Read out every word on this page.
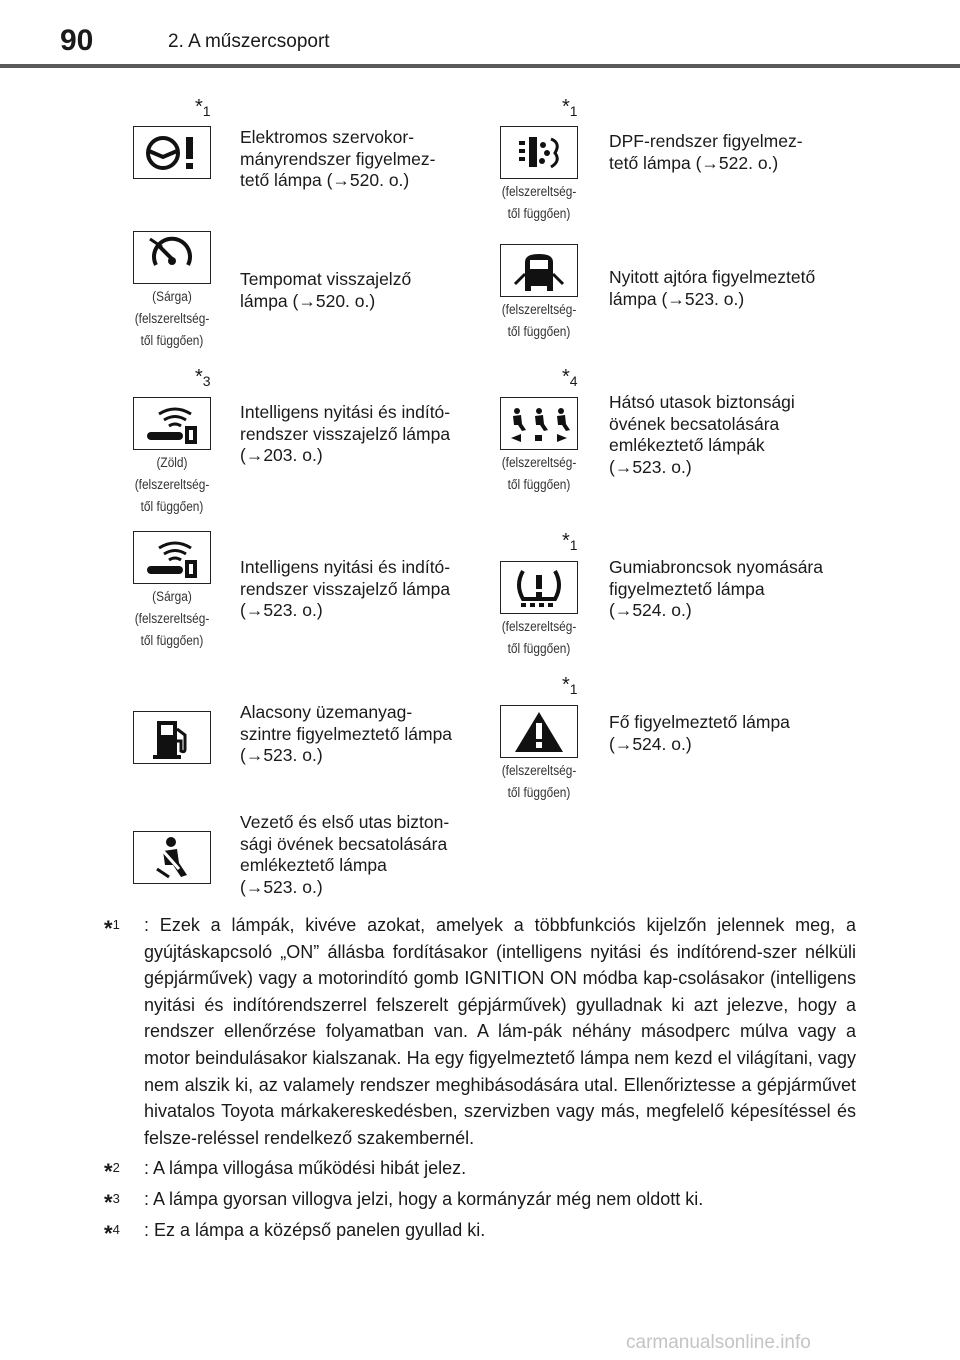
90	2. A műszercsoport
$*_1$
Elektromos szervokor-
mányrendszer figyelmez-
tető lámpa (→520. o.)
(Sárga)
(felszereltség-
től függően)
Tempomat visszajelző
lámpa (→520. o.)
$*_3$
(Zöld)
(felszereltség-
től függően)
Intelligens nyitási és indító-
rendszer visszajelző lámpa
(→203. o.)
(Sárga)
(felszereltség-
től függően)
Intelligens nyitási és indító-
rendszer visszajelző lámpa
(→523. o.)
Alacsony üzemanyag-
szintre figyelmeztető lámpa
(→523. o.)
Vezető és első utas bizton-
sági övének becsatolására
emlékeztető lámpa
(→523. o.)
$*_1$
(felszereltség-
től függően)
DPF-rendszer figyelmez-
tető lámpa (→522. o.)
(felszereltség-
től függően)
Nyitott ajtóra figyelmeztető
lámpa (→523. o.)
$*_4$
(felszereltség-
től függően)
Hátsó utasok biztonsági
övének becsatolására
emlékeztető lámpák
(→523. o.)
$*_1$
(felszereltség-
től függően)
Gumiabroncsok nyomására
figyelmeztető lámpa
(→524. o.)
$*_1$
(felszereltség-
től függően)
Fő figyelmeztető lámpa
(→524. o.)
*$^1$ : Ezek a lámpák, kivéve azokat, amelyek a többfunkciós kijelzőn jelennek meg, a gyújtáskapcsoló „ON” állásba fordításakor (intelligens nyitási és indítórend-szer nélküli gépjárművek) vagy a motorindító gomb IGNITION ON módba kap-csolásakor (intelligens nyitási és indítórendszerrel felszerelt gépjárművek) gyulladnak ki azt jelezve, hogy a rendszer ellenőrzése folyamatban van. A lám-pák néhány másodperc múlva vagy a motor beindulásakor kialszanak. Ha egy figyelmeztető lámpa nem kezd el világítani, vagy nem alszik ki, az valamely rendszer meghibásodására utal. Ellenőriztesse a gépjárművet hivatalos Toyota márkakereskedésben, szervizben vagy más, megfelelő képesítéssel és felsze-reléssel rendelkező szakembernél.
*$^2$ : A lámpa villogása működési hibát jelez.
*$^3$ : A lámpa gyorsan villogva jelzi, hogy a kormányzár még nem oldott ki.
*$^4$ : Ez a lámpa a középső panelen gyullad ki.
carmanualsonline.info
